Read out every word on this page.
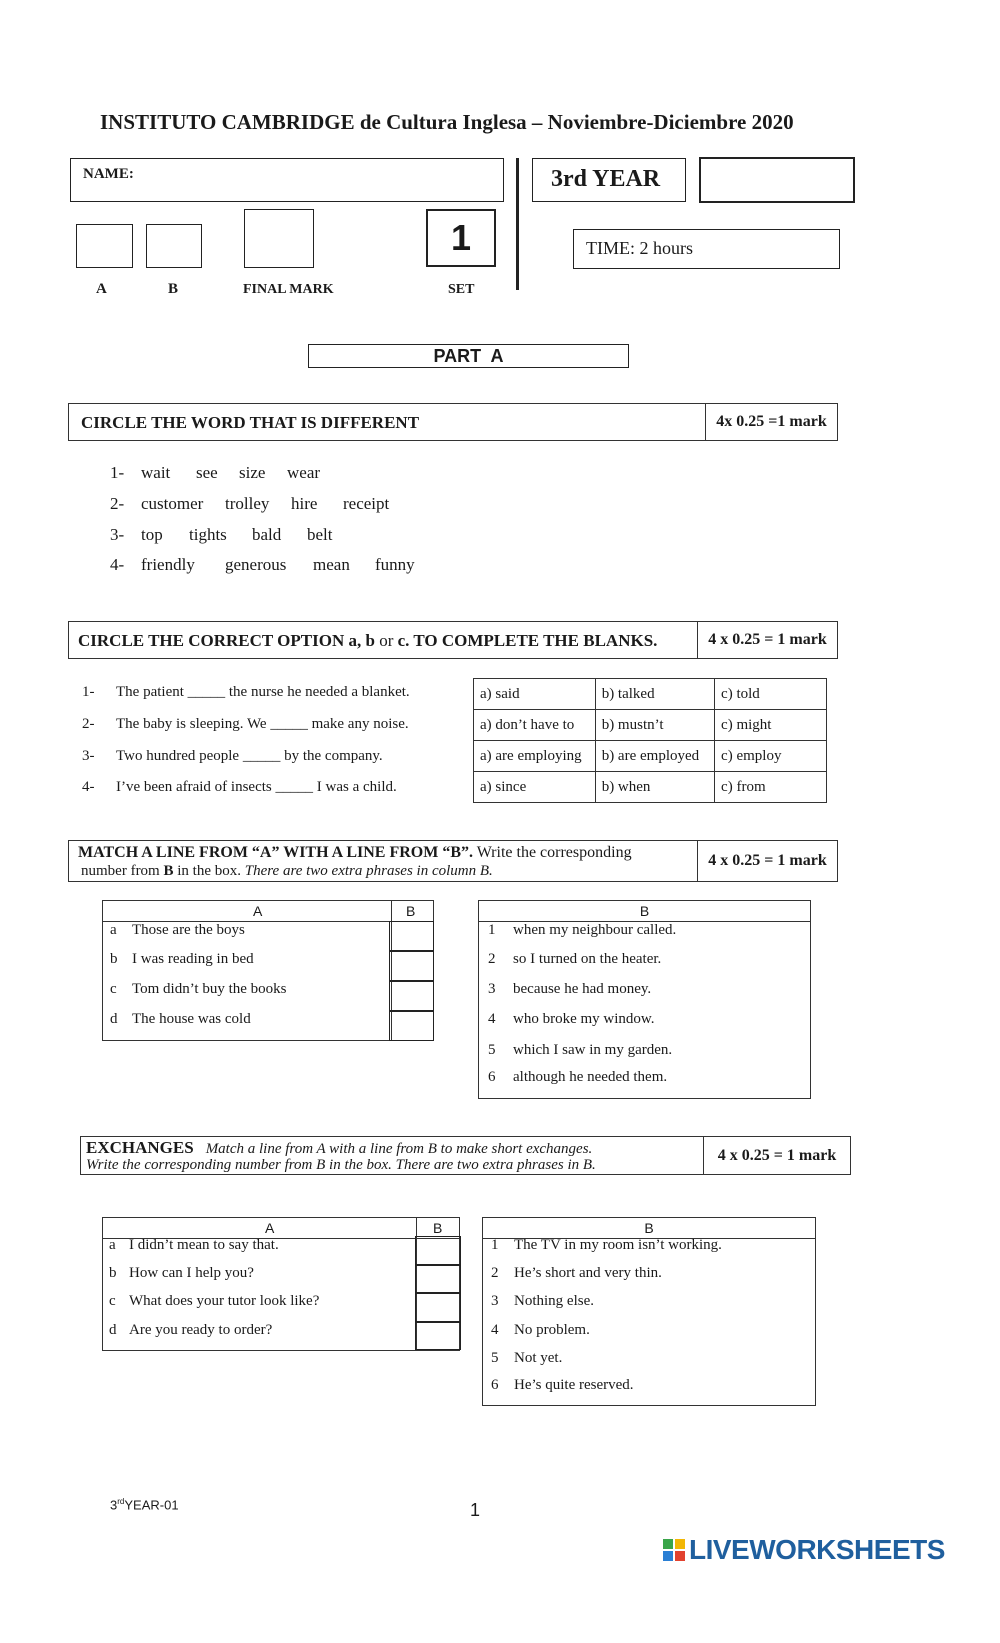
INSTITUTO CAMBRIDGE de Cultura Inglesa – Noviembre-Diciembre 2020
NAME:	3rd YEAR
TIME: 2 hours
1
A	B	FINAL MARK	SET
PART  A
CIRCLE THE WORD THAT IS DIFFERENT	4x 0.25 =1 mark
1- wait see size wear
2- customer trolley hire receipt
3- top tights bald belt
4- friendly generous mean funny
CIRCLE THE CORRECT OPTION a, b or c. TO COMPLETE THE BLANKS.	4 x 0.25 = 1 mark
1- The patient _____ the nurse he needed a blanket.
2- The baby is sleeping. We _____ make any noise.
3- Two hundred people _____ by the company.
4- I’ve been afraid of insects _____ I was a child.
a) said	b) talked	c) told
a) don’t have to	b) mustn’t	c) might
a) are employing	b) are employed	c) employ
a) since	b) when	c) from
MATCH A LINE FROM “A” WITH A LINE FROM “B”. Write the corresponding
number from B in the box. There are two extra phrases in column B.
4 x 0.25 = 1 mark
A	B
a Those are the boys
b I was reading in bed
c Tom didn’t buy the books
d The house was cold
B
1 when my neighbour called.
2 so I turned on the heater.
3 because he had money.
4 who broke my window.
5 which I saw in my garden.
6 although he needed them.
EXCHANGES Match a line from A with a line from B to make short exchanges.
Write the corresponding number from B in the box. There are two extra phrases in B.
4 x 0.25 = 1 mark
A	B
a I didn’t mean to say that.
b How can I help you?
c What does your tutor look like?
d Are you ready to order?
B
1 The TV in my room isn’t working.
2 He’s short and very thin.
3 Nothing else.
4 No problem.
5 Not yet.
6 He’s quite reserved.
3rdYEAR-01	1
LIVEWORKSHEETS
